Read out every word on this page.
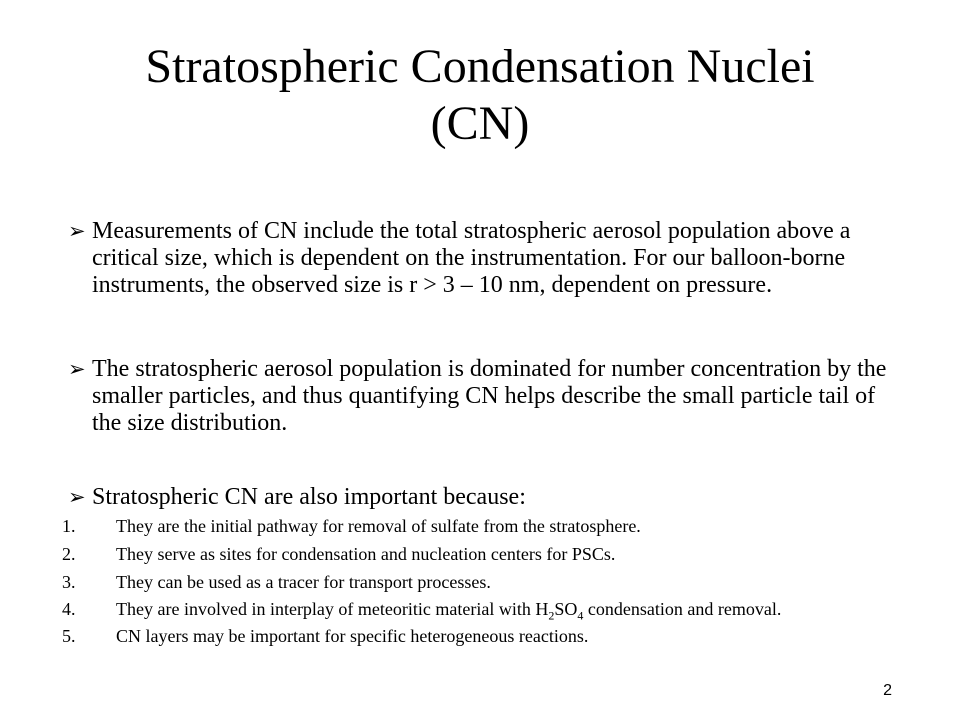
Stratospheric Condensation Nuclei
(CN)
➢ Measurements of CN include the total stratospheric aerosol population above a critical size, which is dependent on the instrumentation. For our balloon-borne instruments, the observed size is r > 3 – 10 nm, dependent on pressure.
➢ The stratospheric aerosol population is dominated for number concentration by the smaller particles, and thus quantifying CN helps describe the small particle tail of the size distribution.
➢ Stratospheric CN are also important because:
1. They are the initial pathway for removal of sulfate from the stratosphere.
2. They serve as sites for condensation and nucleation centers for PSCs.
3. They can be used as a tracer for transport processes.
4. They are involved in interplay of meteoritic material with $H_2SO_4$ condensation and removal.
5. CN layers may be important for specific heterogeneous reactions.
2
